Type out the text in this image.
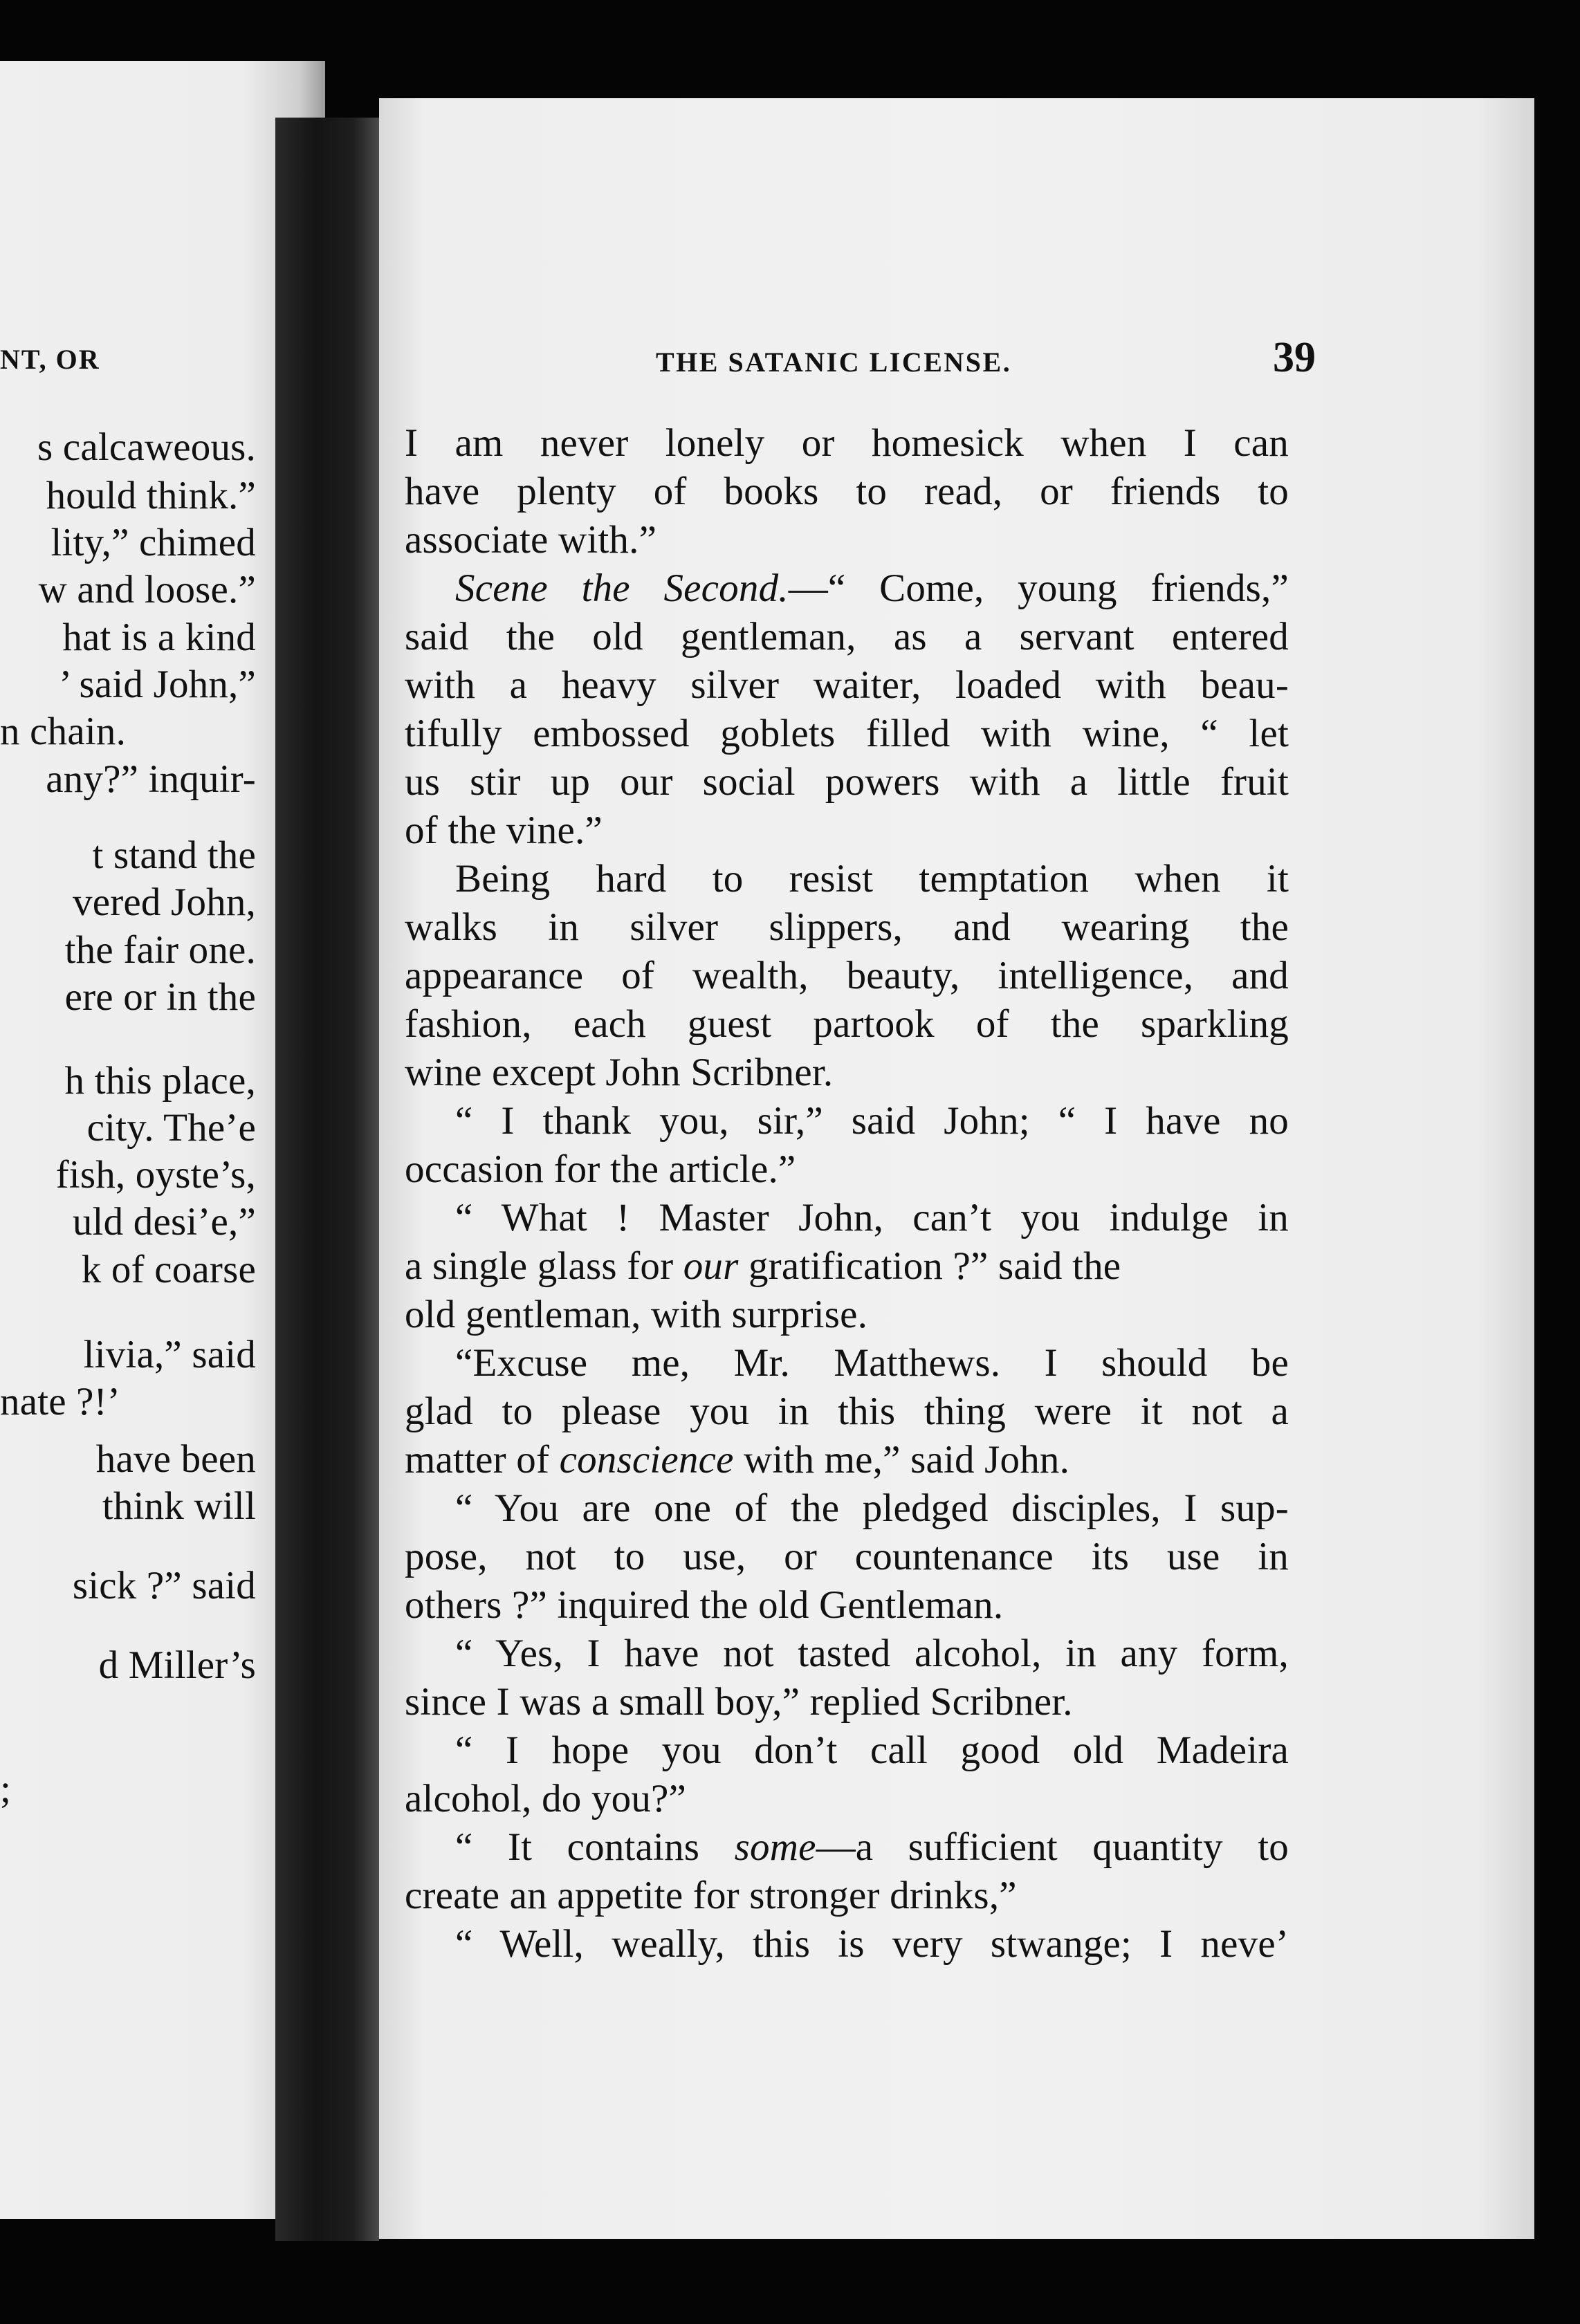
NT, OR
s calcaweous.
hould think.”
lity,” chimed
w and loose.”
hat is a kind
’ said John,”
n chain.
any?” inquir-
t stand the
vered John,
the fair one.
ere or in the
h this place,
city. The’e
fish, oyste’s,
uld desi’e,”
k of coarse
livia,” said
nate ?!’
have been
think will
sick ?” said
d Miller’s
;
THE SATANIC LICENSE.	39
I am never lonely or homesick when I can
have plenty of books to read, or friends to
associate with.”
Scene the Second.—“ Come, young friends,”
said the old gentleman, as a servant entered
with a heavy silver waiter, loaded with beau-
tifully embossed goblets filled with wine, “ let
us stir up our social powers with a little fruit
of the vine.”
Being hard to resist temptation when it
walks in silver slippers, and wearing the
appearance of wealth, beauty, intelligence, and
fashion, each guest partook of the sparkling
wine except John Scribner.
“ I thank you, sir,” said John; “ I have no
occasion for the article.”
“ What ! Master John, can’t you indulge in
a single glass for our gratification ?” said the
old gentleman, with surprise.
“Excuse me, Mr. Matthews. I should be
glad to please you in this thing were it not a
matter of conscience with me,” said John.
“ You are one of the pledged disciples, I sup-
pose, not to use, or countenance its use in
others ?” inquired the old Gentleman.
“ Yes, I have not tasted alcohol, in any form,
since I was a small boy,” replied Scribner.
“ I hope you don’t call good old Madeira
alcohol, do you?”
“ It contains some—a sufficient quantity to
create an appetite for stronger drinks,”
“ Well, weally, this is very stwange; I neve’
